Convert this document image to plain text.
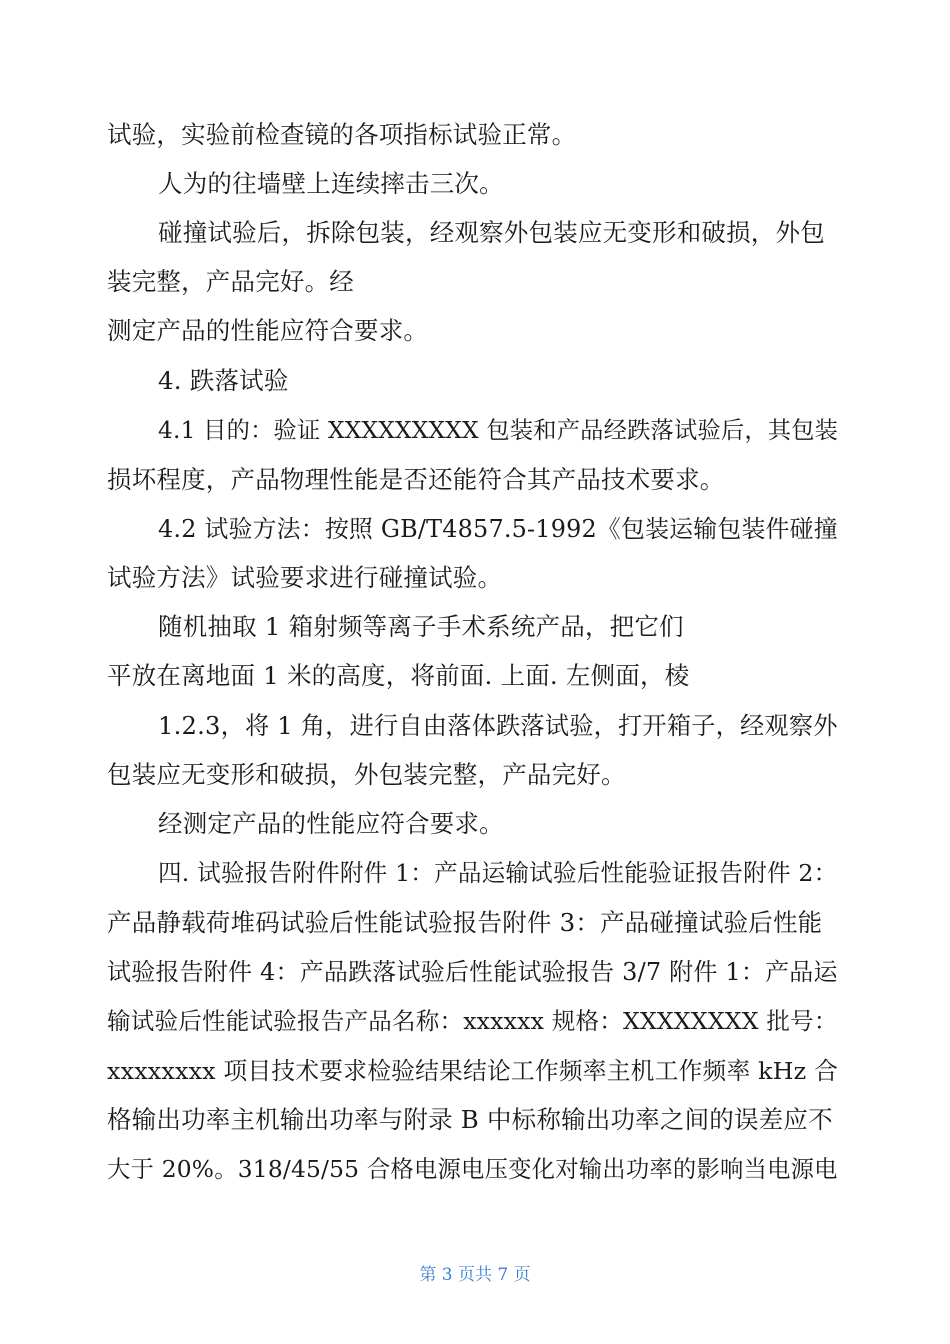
试验，实验前检查镜的各项指标试验正常。
人为的往墙壁上连续摔击三次。
碰撞试验后，拆除包装，经观察外包装应无变形和破损，外包
装完整，产品完好。经
测定产品的性能应符合要求。
4. 跌落试验
4.1 目的：验证 XXXXXXXXX 包装和产品经跌落试验后，其包装
损坏程度，产品物理性能是否还能符合其产品技术要求。
4.2 试验方法：按照 GB/T4857.5-1992《包装运输包装件碰撞
试验方法》试验要求进行碰撞试验。
随机抽取 1 箱射频等离子手术系统产品，把它们
平放在离地面 1 米的高度，将前面. 上面. 左侧面，棱
1.2.3，将 1 角，进行自由落体跌落试验，打开箱子，经观察外
包装应无变形和破损，外包装完整，产品完好。
经测定产品的性能应符合要求。
四. 试验报告附件附件 1：产品运输试验后性能验证报告附件 2：
产品静载荷堆码试验后性能试验报告附件 3：产品碰撞试验后性能
试验报告附件 4：产品跌落试验后性能试验报告 3/7 附件 1：产品运
输试验后性能试验报告产品名称：xxxxxx 规格：XXXXXXXX 批号：
xxxxxxxx 项目技术要求检验结果结论工作频率主机工作频率 kHz 合
格输出功率主机输出功率与附录 B 中标称输出功率之间的误差应不
大于 20%。318/45/55 合格电源电压变化对输出功率的影响当电源电
第 3 页共 7 页
